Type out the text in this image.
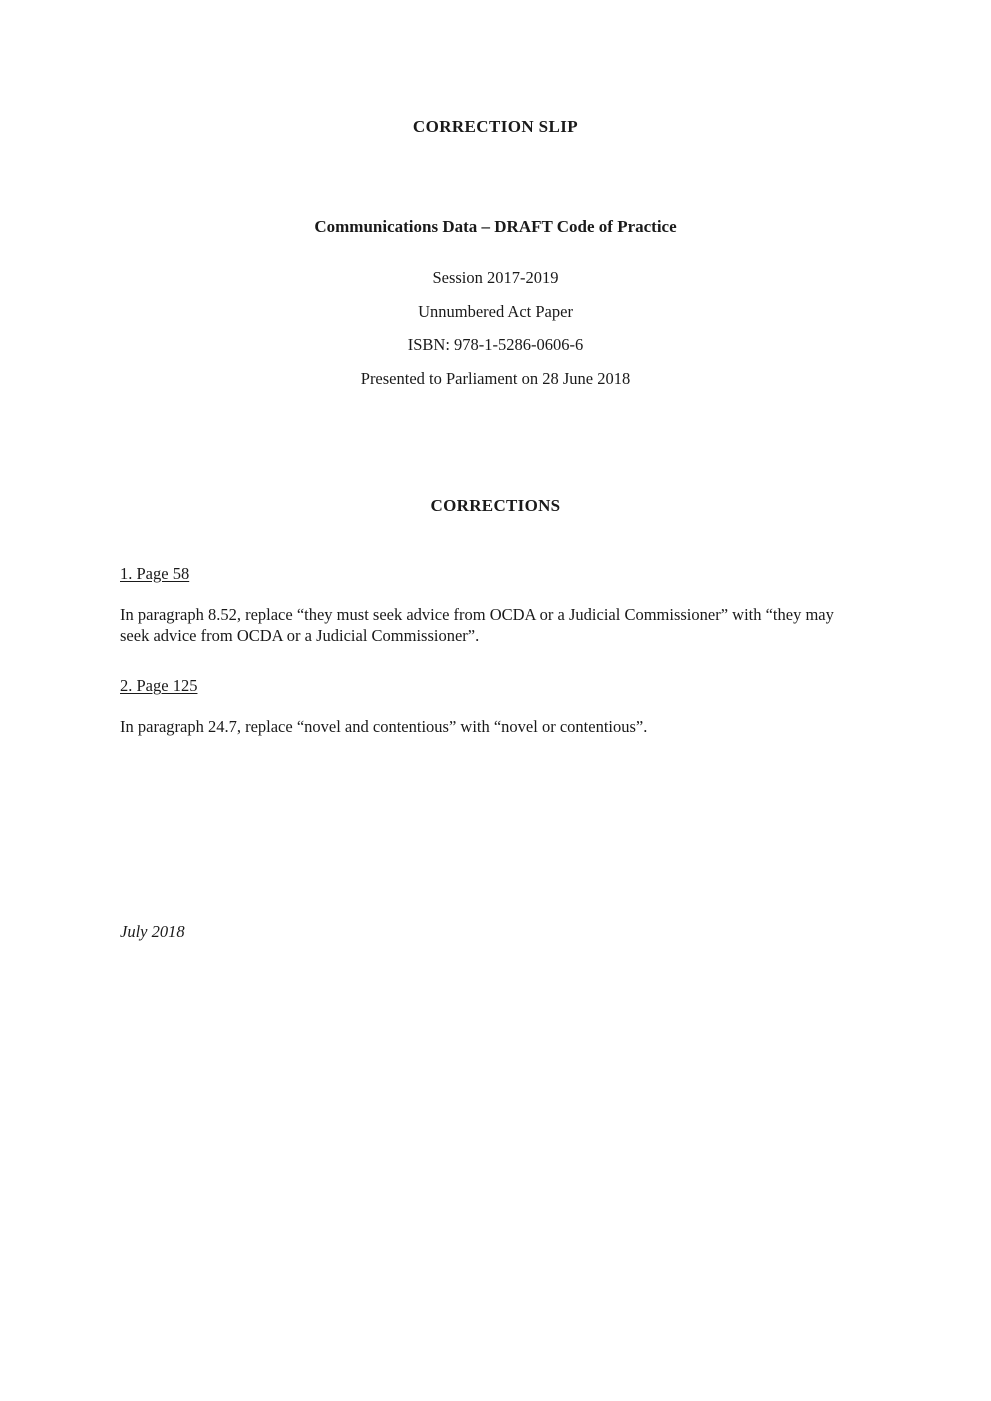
CORRECTION SLIP
Communications Data – DRAFT Code of Practice

Session 2017-2019

Unnumbered Act Paper

ISBN: 978-1-5286-0606-6

Presented to Parliament on 28 June 2018

CORRECTIONS

1. Page 58

In paragraph 8.52, replace “they must seek advice from OCDA or a Judicial Commissioner” with “they may seek advice from OCDA or a Judicial Commissioner”.

2. Page 125

In paragraph 24.7, replace “novel and contentious” with “novel or contentious”.

July 2018
